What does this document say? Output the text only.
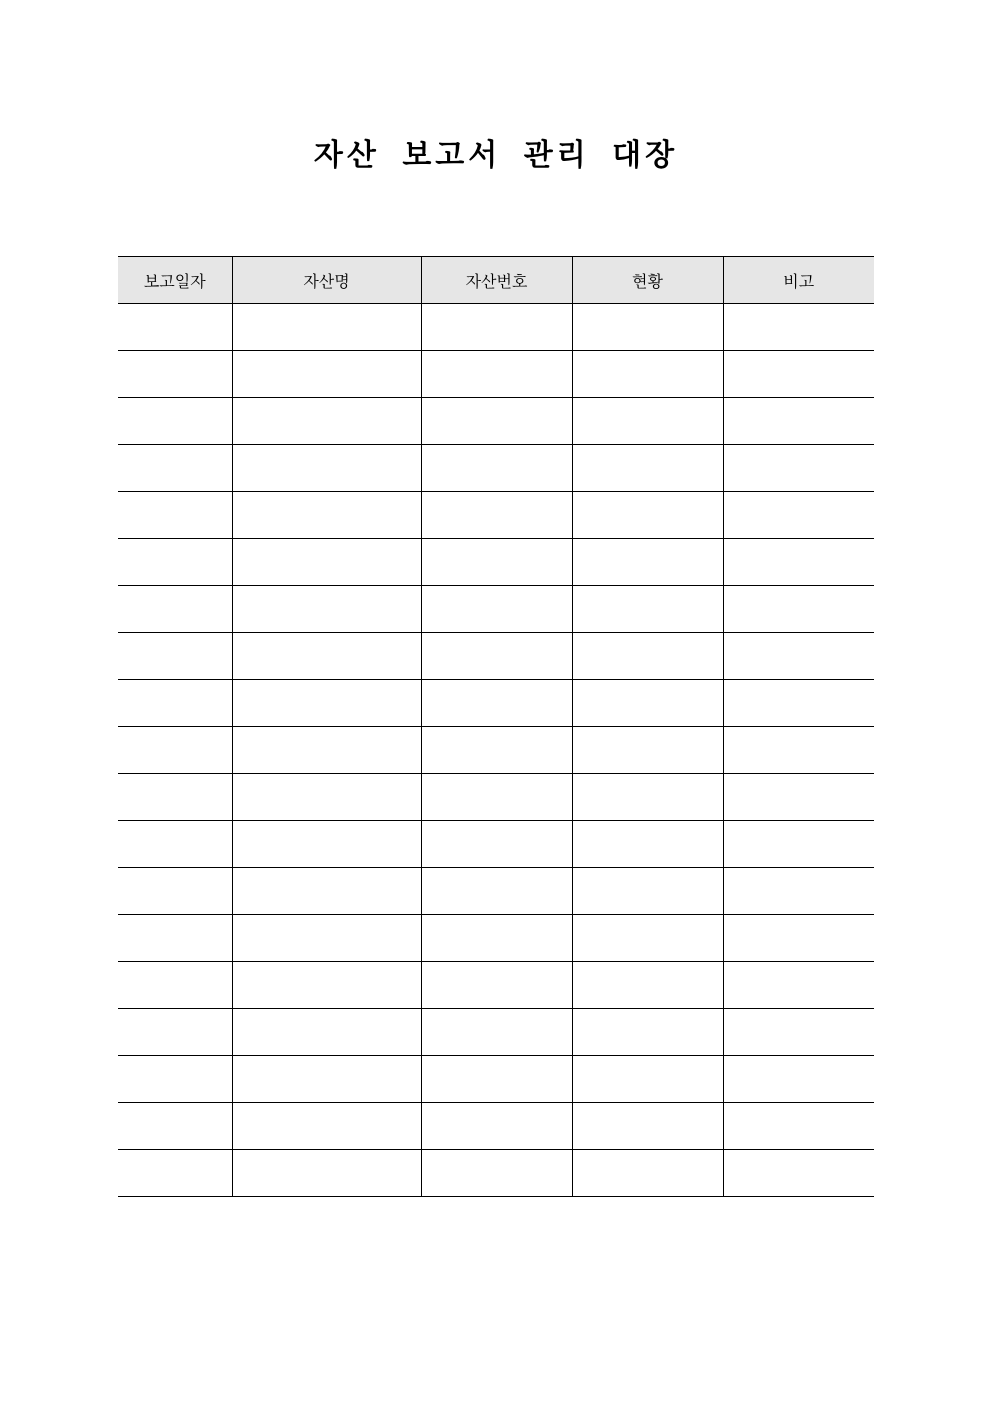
자산 보고서 관리 대장
보고일자	자산명	자산번호	현황	비고
